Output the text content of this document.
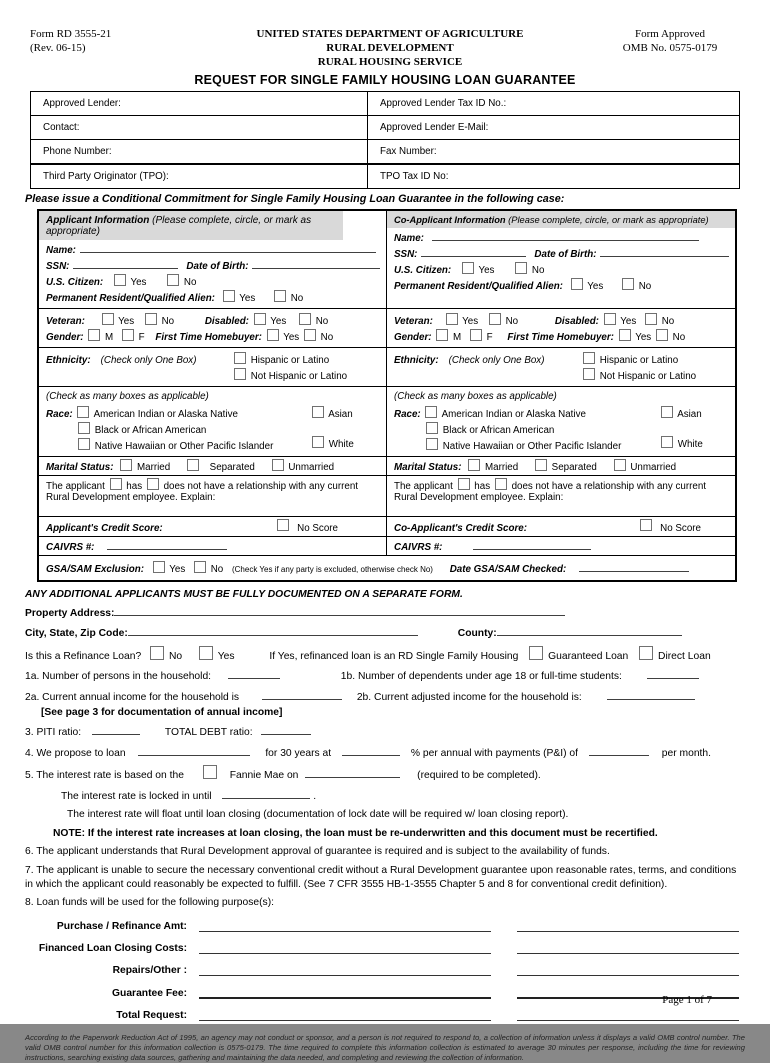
Form RD 3555-21
(Rev. 06-15)
UNITED STATES DEPARTMENT OF AGRICULTURE
RURAL DEVELOPMENT
RURAL HOUSING SERVICE
Form Approved
OMB No. 0575-0179
REQUEST FOR SINGLE FAMILY HOUSING LOAN GUARANTEE
Approved Lender:	Approved Lender Tax ID No.:
Contact:	Approved Lender E-Mail:
Phone Number:	Fax Number:
Third Party Originator (TPO):	TPO Tax ID No:
Please issue a Conditional Commitment for Single Family Housing Loan Guarantee in the following case:
Applicant Information (Please complete, circle, or mark as appropriate)
Name:
SSN:	Date of Birth:
U.S. Citizen:	Yes	No
Permanent Resident/Qualified Alien: Yes	No
Co-Applicant Information (Please complete, circle, or mark as appropriate)
Name:
SSN:	Date of Birth:
U.S. Citizen:	Yes	No
Permanent Resident/Qualified Alien: Yes	No
Veteran:	Yes	No	Disabled: Yes	No
Gender: M	F First Time Homebuyer: Yes No
Veteran:	Yes	No	Disabled: Yes	No
Gender: M	F First Time Homebuyer: Yes No
Ethnicity: (Check only One Box)	Hispanic or Latino
Not Hispanic or Latino
Ethnicity: (Check only One Box)	Hispanic or Latino
Not Hispanic or Latino
(Check as many boxes as applicable)
Race: American Indian or Alaska Native
Black or African American
Native Hawaiian or Other Pacific Islander
Asian
White
(Check as many boxes as applicable)
Race: American Indian or Alaska Native
Black or African American
Native Hawaiian or Other Pacific Islander
Asian
White
Marital Status: Married	Separated	Unmarried	Marital Status: Married	Separated	Unmarried
The applicant has does not have a relationship with any current Rural Development employee. Explain:
The applicant has does not have a relationship with any current Rural Development employee. Explain:
Applicant's Credit Score:	No Score	Co-Applicant's Credit Score:	No Score
CAIVRS #:	CAIVRS #:
GSA/SAM Exclusion:	Yes	No (Check Yes if any party is excluded, otherwise check No) Date GSA/SAM Checked:
ANY ADDITIONAL APPLICANTS MUST BE FULLY DOCUMENTED ON A SEPARATE FORM.
Property Address:
City, State, Zip Code:	County:
Is this a Refinance Loan?	No	Yes	If Yes, refinanced loan is an RD Single Family Housing	Guaranteed Loan	Direct Loan
1a. Number of persons in the household:	1b. Number of dependents under age 18 or full-time students:
2a. Current annual income for the household is	2b. Current adjusted income for the household is:
[See page 3 for documentation of annual income]
3. PITI ratio:	TOTAL DEBT ratio:
4. We propose to loan	for 30 years at	% per annual with payments (P&I) of	per month.
5. The interest rate is based on the	Fannie Mae on	(required to be completed).
The interest rate is locked in until	.
The interest rate will float until loan closing (documentation of lock date will be required w/ loan closing report).
NOTE: If the interest rate increases at loan closing, the loan must be re-underwritten and this document must be recertified.
6. The applicant understands that Rural Development approval of guarantee is required and is subject to the availability of funds.
7. The applicant is unable to secure the necessary conventional credit without a Rural Development guarantee upon reasonable rates, terms, and conditions in which the applicant could reasonably be expected to fulfill. (See 7 CFR 3555 HB-1-3555 Chapter 5 and 8 for conventional credit definition).
8. Loan funds will be used for the following purpose(s):
Purchase / Refinance Amt:
Financed Loan Closing Costs:
Repairs/Other :
Guarantee Fee:
Total Request:
According to the Paperwork Reduction Act of 1995, an agency may not conduct or sponsor, and a person is not required to respond to, a collection of information unless it displays a valid OMB control number. The valid OMB control number for this information collection is 0575-0179. The time required to complete this information collection is estimated to average 30 minutes per response, including the time for reviewing instructions, searching existing data sources, gathering and maintaining the data needed, and completing and reviewing the collection of information.
Page 1 of 7
